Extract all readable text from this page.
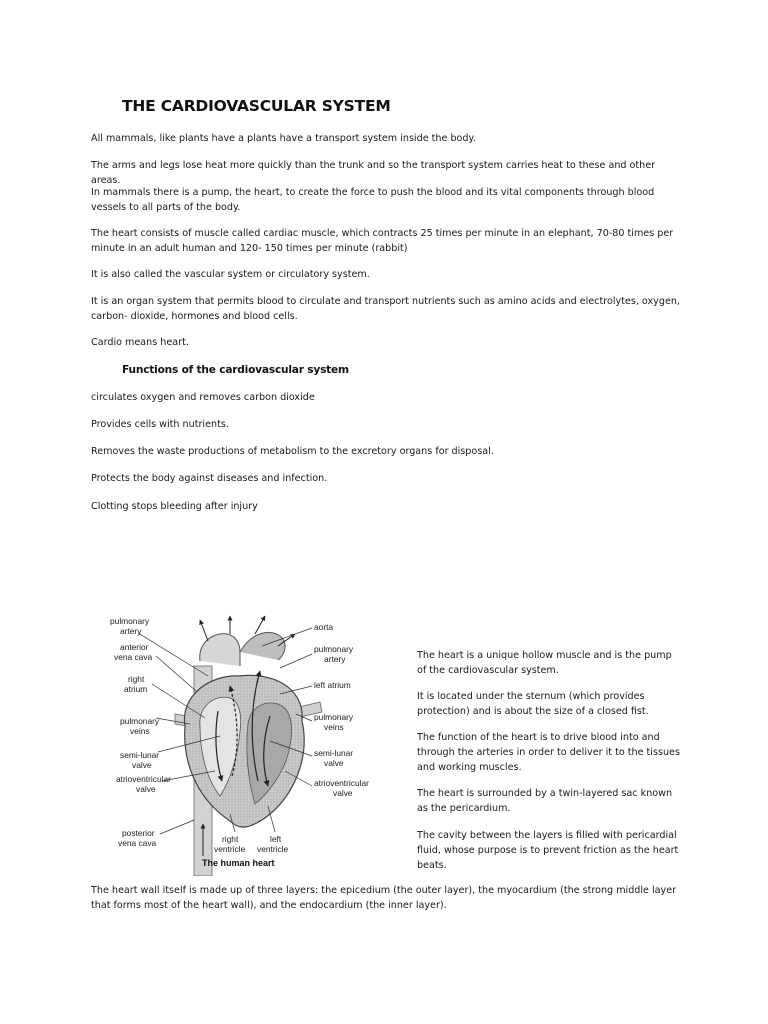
THE CARDIOVASCULAR SYSTEM
All mammals, like plants have a plants have a transport system inside the body.
The arms and legs lose heat more quickly than the trunk and so the transport system carries heat to these and other areas.
In mammals there is a pump, the heart, to create the force to push the blood and its vital components through blood vessels to all parts of the body.
The heart consists of muscle called cardiac muscle, which contracts 25 times per minute in an elephant, 70-80 times per minute in an adult human and 120- 150 times per minute (rabbit)
It is also called the vascular system or circulatory system.
It is an organ system that permits blood to circulate and transport nutrients such as amino acids and electrolytes, oxygen, carbon- dioxide, hormones and blood cells.
Cardio means heart.
Functions of the cardiovascular system
circulates oxygen and removes carbon dioxide
Provides cells with nutrients.
Removes the waste productions of metabolism to the excretory organs for disposal.
Protects the body against diseases and infection.
Clotting stops bleeding after injury
pulmonary artery
anterior vena cava
right atrium
pulmonary veins
semi-lunar valve
atrioventricular valve
posterior vena cava	right ventricle
left ventricle
aorta
pulmonary artery
left atrium
pulmonary veins
semi-lunar valve
atrioventricular valve
The human heart
The heart is a unique hollow muscle and is the pump of the cardiovascular system.
It is located under the sternum (which provides protection) and is about the size of a closed fist.
The function of the heart is to drive blood into and through the arteries in order to deliver it to the tissues and working muscles.
The heart is surrounded by a twin-layered sac known as the pericardium.
The cavity between the layers is filled with pericardial fluid, whose purpose is to prevent friction as the heart beats.
The heart wall itself is made up of three layers: the epicedium (the outer layer), the myocardium (the strong middle layer that forms most of the heart wall), and the endocardium (the inner layer).
